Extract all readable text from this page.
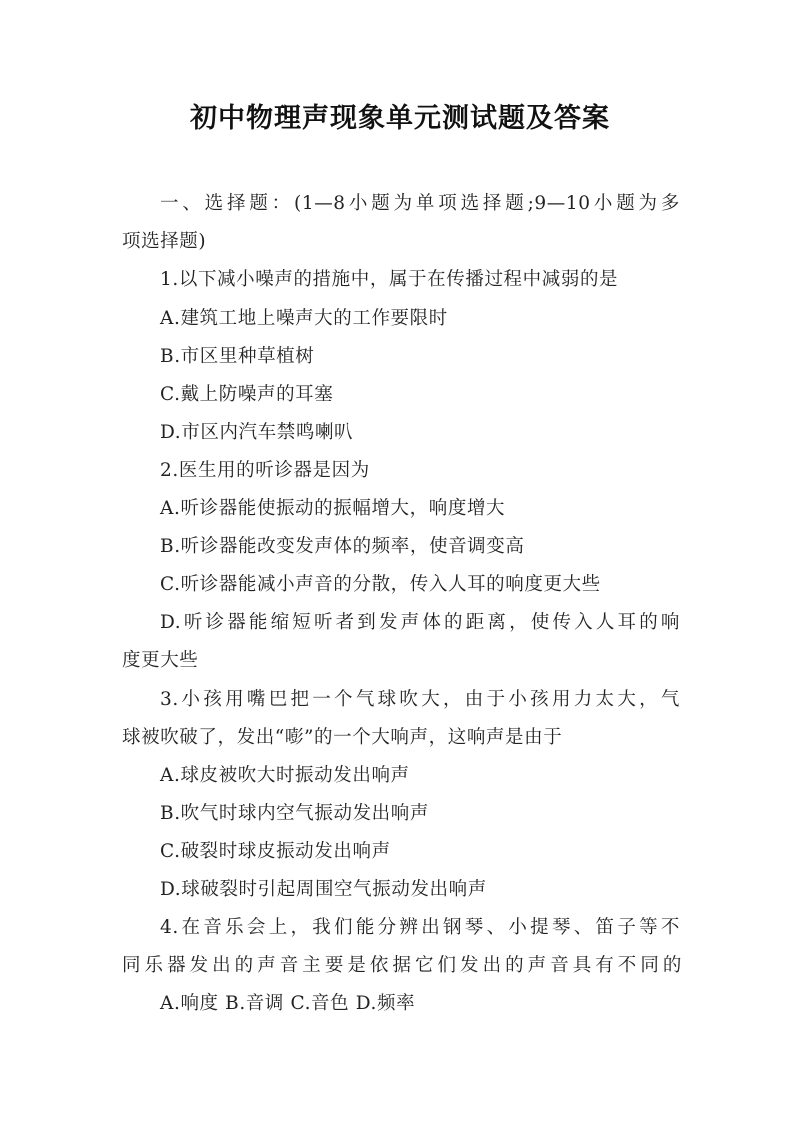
初中物理声现象单元测试题及答案
一、选择题：(1—8小题为单项选择题;9—10小题为多
项选择题)
1.以下减小噪声的措施中，属于在传播过程中减弱的是
A.建筑工地上噪声大的工作要限时
B.市区里种草植树
C.戴上防噪声的耳塞
D.市区内汽车禁鸣喇叭
2.医生用的听诊器是因为
A.听诊器能使振动的振幅增大，响度增大
B.听诊器能改变发声体的频率，使音调变高
C.听诊器能减小声音的分散，传入人耳的响度更大些
D.听诊器能缩短听者到发声体的距离，使传入人耳的响
度更大些
3.小孩用嘴巴把一个气球吹大，由于小孩用力太大，气
球被吹破了，发出“嘭”的一个大响声，这响声是由于
A.球皮被吹大时振动发出响声
B.吹气时球内空气振动发出响声
C.破裂时球皮振动发出响声
D.球破裂时引起周围空气振动发出响声
4.在音乐会上，我们能分辨出钢琴、小提琴、笛子等不
同乐器发出的声音主要是依据它们发出的声音具有不同的
A.响度 B.音调 C.音色 D.频率
